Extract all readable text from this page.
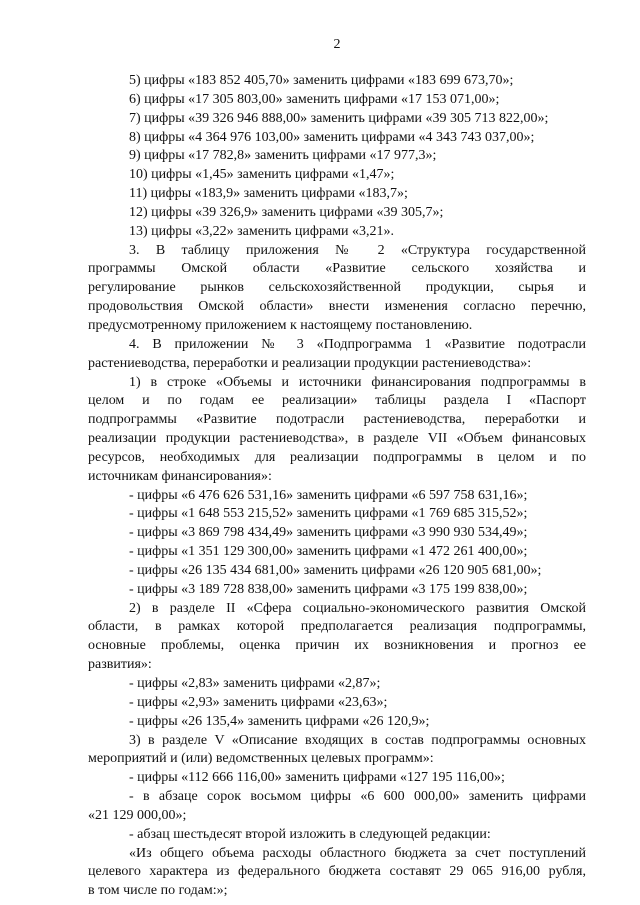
2
5) цифры «183 852 405,70» заменить цифрами «183 699 673,70»;
6) цифры «17 305 803,00» заменить цифрами «17 153 071,00»;
7) цифры «39 326 946 888,00» заменить цифрами «39 305 713 822,00»;
8) цифры «4 364 976 103,00» заменить цифрами «4 343 743 037,00»;
9) цифры «17 782,8» заменить цифрами «17 977,3»;
10) цифры «1,45» заменить цифрами «1,47»;
11) цифры «183,9» заменить цифрами «183,7»;
12) цифры «39 326,9» заменить цифрами «39 305,7»;
13) цифры «3,22» заменить цифрами «3,21».
3. В таблицу приложения № 2 «Структура государственной
программы Омской области «Развитие сельского хозяйства и
регулирование рынков сельскохозяйственной продукции, сырья и
продовольствия Омской области» внести изменения согласно перечню,
предусмотренному приложением к настоящему постановлению.
4. В приложении № 3 «Подпрограмма 1 «Развитие подотрасли
растениеводства, переработки и реализации продукции растениеводства»:
1) в строке «Объемы и источники финансирования подпрограммы в
целом и по годам ее реализации» таблицы раздела I «Паспорт
подпрограммы «Развитие подотрасли растениеводства, переработки и
реализации продукции растениеводства», в разделе VII «Объем финансовых
ресурсов, необходимых для реализации подпрограммы в целом и по
источникам финансирования»:
- цифры «6 476 626 531,16» заменить цифрами «6 597 758 631,16»;
- цифры «1 648 553 215,52» заменить цифрами «1 769 685 315,52»;
- цифры «3 869 798 434,49» заменить цифрами «3 990 930 534,49»;
- цифры «1 351 129 300,00» заменить цифрами «1 472 261 400,00»;
- цифры «26 135 434 681,00» заменить цифрами «26 120 905 681,00»;
- цифры «3 189 728 838,00» заменить цифрами «3 175 199 838,00»;
2) в разделе II «Сфера социально-экономического развития Омской
области, в рамках которой предполагается реализация подпрограммы,
основные проблемы, оценка причин их возникновения и прогноз ее
развития»:
- цифры «2,83» заменить цифрами «2,87»;
- цифры «2,93» заменить цифрами «23,63»;
- цифры «26 135,4» заменить цифрами «26 120,9»;
3) в разделе V «Описание входящих в состав подпрограммы основных
мероприятий и (или) ведомственных целевых программ»:
- цифры «112 666 116,00» заменить цифрами «127 195 116,00»;
- в абзаце сорок восьмом цифры «6 600 000,00» заменить цифрами
«21 129 000,00»;
- абзац шестьдесят второй изложить в следующей редакции:
«Из общего объема расходы областного бюджета за счет поступлений
целевого характера из федерального бюджета составят 29 065 916,00 рубля,
в том числе по годам:»;
